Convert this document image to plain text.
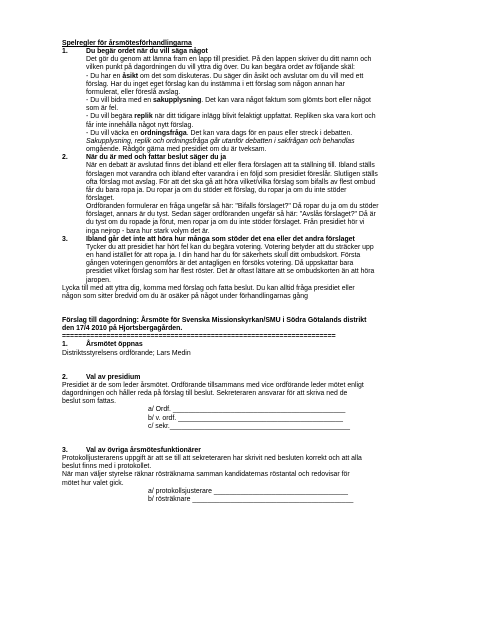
Spelregler för årsmötesförhandlingarna

1.	Du begär ordet när du vill säga något

Det gör du genom att lämna fram en lapp till presidiet. På den lappen skriver du ditt namn och
vilken punkt på dagordningen du vill yttra dig över. Du kan begära ordet av följande skäl:
- Du har en åsikt om det som diskuteras. Du säger din åsikt och avslutar om du vill med ett
förslag. Har du inget eget förslag kan du instämma i ett förslag som någon annan har
formulerat, eller föreslå avslag.
- Du vill bidra med en sakupplysning. Det kan vara något faktum som glömts bort eller något
som är fel.
- Du vill begära replik när ditt tidigare inlägg blivit felaktigt uppfattat. Repliken ska vara kort och
får inte innehålla något nytt förslag.
- Du vill väcka en ordningsfråga. Det kan vara dags för en paus eller streck i debatten.
Sakupplysning, replik och ordningsfråga går utanför debatten i sakfrågan och behandlas
omgående. Rådgör gärna med presidiet om du är tveksam.

2.	När du är med och fattar beslut säger du ja

När en debatt är avslutad finns det ibland ett eller flera förslagen att ta ställning till. Ibland ställs
förslagen mot varandra och ibland efter varandra i en följd som presidiet föreslår. Slutligen ställs
ofta förslag mot avslag. För att det ska gå att höra vilket/vilka förslag som bifalls av flest ombud
får du bara ropa ja. Du ropar ja om du stöder ett förslag, du ropar ja om du inte stöder
förslaget.
Ordföranden formulerar en fråga ungefär så här: "Bifalls förslaget?" Då ropar du ja om du stöder
förslaget, annars är du tyst. Sedan säger ordföranden ungefär så här: "Avslås förslaget?" Då är
du tyst om du ropade ja förut, men ropar ja om du inte stöder förslaget. Från presidiet hör vi
inga nejrop - bara hur stark volym det är.

3.	Ibland går det inte att höra hur många som stöder det ena eller det andra förslaget

Tycker du att presidiet har hört fel kan du begära votering. Votering betyder att du sträcker upp
en hand istället för att ropa ja. I din hand har du för säkerhets skull ditt ombudskort. Första
gången voteringen genomförs är det antagligen en försöks votering. Då uppskattar bara
presidiet vilket förslag som har flest röster. Det är oftast lättare att se ombudskorten än att höra
jaropen.
Lycka till med att yttra dig, komma med förslag och fatta beslut. Du kan alltid fråga presidiet eller
någon som sitter bredvid om du är osäker på något under förhandlingarnas gång
Förslag till dagordning: Årsmöte för Svenska Missionskyrkan/SMU i Södra Götalands distrikt
den 17/4 2010 på Hjortsbergagården.
====================================================================

1.	Årsmötet öppnas

Distriktsstyrelsens ordförande; Lars Medin

2.	Val av presidium

Presidiet är de som leder årsmötet. Ordförande tillsammans med vice ordförande leder mötet enligt
dagordningen och håller reda på förslag till beslut. Sekreteraren ansvarar för att skriva ned de
beslut som fattas.
a/ Ordf. _____________________________________________
b/ v. ordf. ___________________________________________
c/ sekr._______________________________________________

3.	Val av övriga årsmötesfunktionärer

Protokolljusterarens uppgift är att se till att sekreteraren har skrivit ned besluten korrekt och att alla
beslut finns med i protokollet.
När man väljer styrelse räknar rösträknarna samman kandidaternas röstantal och redovisar för
mötet hur valet gick.
a/ protokollsjusterare ___________________________________
b/ rösträknare __________________________________________
